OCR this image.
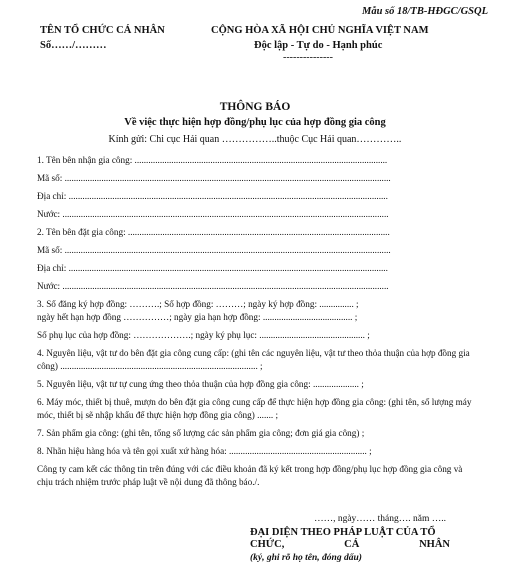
Mẫu số 18/TB-HĐGC/GSQL
TÊN TỔ CHỨC CÁ NHÂN
Số……/………
CỘNG HÒA XÃ HỘI CHỦ NGHĨA VIỆT NAM
Độc lập - Tự do - Hạnh phúc
---------------
THÔNG BÁO
Về việc thực hiện hợp đồng/phụ lục của hợp đồng gia công
Kính gửi: Chi cục Hải quan ……………..thuộc Cục Hải quan…………..
1. Tên bên nhận gia công: ..............................................................................................................
Mã số: ..............................................................................................................................................
Địa chỉ: ...........................................................................................................................................
Nước: ..............................................................................................................................................
2. Tên bên đặt gia công: ..................................................................................................................
Mã số: ..............................................................................................................................................
Địa chỉ: ...........................................................................................................................................
Nước: ..............................................................................................................................................
3. Số đăng ký hợp đồng: ……….; Số hợp đồng: ………; ngày ký hợp đồng: ............... ;
ngày hết hạn hợp đồng ……………; ngày gia hạn hợp đồng: ....................................... ;
Số phụ lục của hợp đồng: ……………….; ngày ký phụ lục: .............................................. ;
4. Nguyên liệu, vật tư do bên đặt gia công cung cấp: (ghi tên các nguyên liệu, vật tư theo thỏa thuận của hợp đồng gia công) ...................................................................................... ;
5. Nguyên liệu, vật tư tự cung ứng theo thỏa thuận của hợp đồng gia công: .................... ;
6. Máy móc, thiết bị thuê, mượn do bên đặt gia công cung cấp để thực hiện hợp đồng gia công: (ghi tên, số lượng máy móc, thiết bị sẽ nhập khẩu để thực hiện hợp đồng gia công) ....... ;
7. Sản phẩm gia công: (ghi tên, tổng số lượng các sản phẩm gia công; đơn giá gia công) ;
8. Nhãn hiệu hàng hóa và tên gọi xuất xứ hàng hóa: ............................................................ ;
Công ty cam kết các thông tin trên đúng với các điều khoản đã ký kết trong hợp đồng/phụ lục hợp đồng gia công và chịu trách nhiệm trước pháp luật về nội dung đã thông báo./.
……, ngày…… tháng…. năm …..
ĐẠI DIỆN THEO PHÁP LUẬT CỦA TỔ
CHỨC,	CÁ	NHÂN
(ký, ghi rõ họ tên, đóng dấu)
